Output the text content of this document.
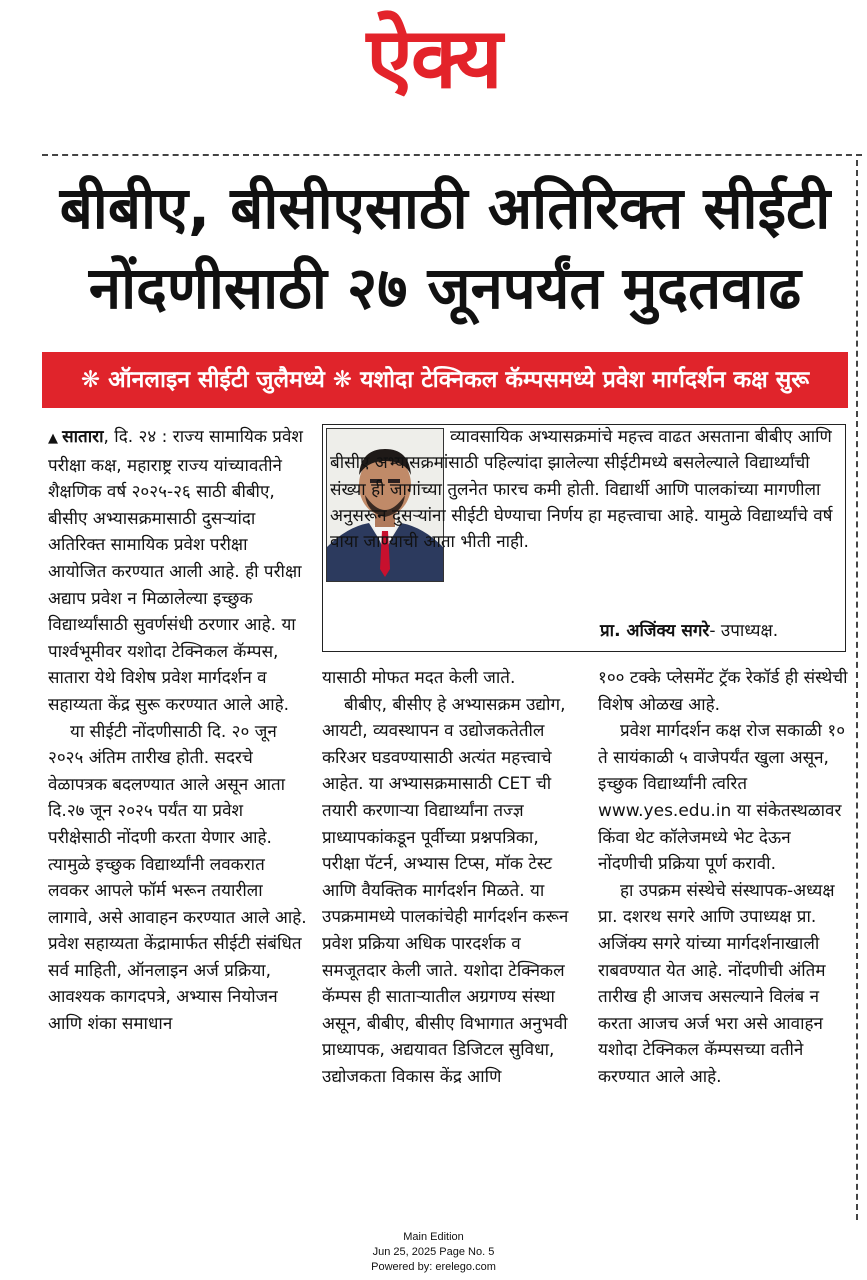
ऐक्य
बीबीए, बीसीएसाठी अतिरिक्त सीईटी
नोंदणीसाठी २७ जूनपर्यंत मुदतवाढ
❋ ऑनलाइन सीईटी जुलैमध्ये ❋ यशोदा टेक्निकल कॅम्पसमध्ये प्रवेश मार्गदर्शन कक्ष सुरू

▲ सातारा, दि. २४ : राज्य सामायिक प्रवेश परीक्षा कक्ष, महाराष्ट्र राज्य यांच्यावतीने शैक्षणिक वर्ष २०२५-२६ साठी बीबीए, बीसीए अभ्यासक्रमासाठी दुसऱ्यांदा अतिरिक्त सामायिक प्रवेश परीक्षा आयोजित करण्यात आली आहे. ही परीक्षा अद्याप प्रवेश न मिळालेल्या इच्छुक विद्यार्थ्यांसाठी सुवर्णसंधी ठरणार आहे. या पार्श्वभूमीवर यशोदा टेक्निकल कॅम्पस, सातारा येथे विशेष प्रवेश मार्गदर्शन व सहाय्यता केंद्र सुरू करण्यात आले आहे.

या सीईटी नोंदणीसाठी दि. २० जून २०२५ अंतिम तारीख होती. सदरचे वेळापत्रक बदलण्यात आले असून आता दि.२७ जून २०२५ पर्यंत या प्रवेश परीक्षेसाठी नोंदणी करता येणार आहे. त्यामुळे इच्छुक विद्यार्थ्यांनी लवकरात लवकर आपले फॉर्म भरून तयारीला लागावे, असे आवाहन करण्यात आले आहे. प्रवेश सहाय्यता केंद्रामार्फत सीईटी संबंधित सर्व माहिती, ऑनलाइन अर्ज प्रक्रिया, आवश्यक कागदपत्रे, अभ्यास नियोजन आणि शंका समाधान

व्यावसायिक अभ्यासक्रमांचे महत्त्व वाढत असताना बीबीए आणि बीसीए अभ्यासक्रमांसाठी पहिल्यांदा झालेल्या सीईटीमध्ये बसलेल्याले विद्यार्थ्यांची संख्या ही जागांच्या तुलनेत फारच कमी होती. विद्यार्थी आणि पालकांच्या मागणीला अनुसरून दुसऱ्यांना सीईटी घेण्याचा निर्णय हा महत्त्वाचा आहे. यामुळे विद्यार्थ्यांचे वर्ष वाया जाण्याची आता भीती नाही.
प्रा. अजिंक्य सगरे- उपाध्यक्ष.

यासाठी मोफत मदत केली जाते.

बीबीए, बीसीए हे अभ्यासक्रम उद्योग, आयटी, व्यवस्थापन व उद्योजकतेतील करिअर घडवण्यासाठी अत्यंत महत्त्वाचे आहेत. या अभ्यासक्रमासाठी CET ची तयारी करणाऱ्या विद्यार्थ्यांना तज्ज्ञ प्राध्यापकांकडून पूर्वीच्या प्रश्नपत्रिका, परीक्षा पॅटर्न, अभ्यास टिप्स, मॉक टेस्ट आणि वैयक्तिक मार्गदर्शन मिळते. या उपक्रमामध्ये पालकांचेही मार्गदर्शन करून प्रवेश प्रक्रिया अधिक पारदर्शक व समजूतदार केली जाते. यशोदा टेक्निकल कॅम्पस ही साताऱ्यातील अग्रगण्य संस्था असून, बीबीए, बीसीए विभागात अनुभवी प्राध्यापक, अद्ययावत डिजिटल सुविधा, उद्योजकता विकास केंद्र आणि

१०० टक्के प्लेसमेंट ट्रॅक रेकॉर्ड ही संस्थेची विशेष ओळख आहे.

प्रवेश मार्गदर्शन कक्ष रोज सकाळी १० ते सायंकाळी ५ वाजेपर्यंत खुला असून, इच्छुक विद्यार्थ्यांनी त्वरित www.yes.edu.in या संकेतस्थळावर किंवा थेट कॉलेजमध्ये भेट देऊन नोंदणीची प्रक्रिया पूर्ण करावी.

हा उपक्रम संस्थेचे संस्थापक-अध्यक्ष प्रा. दशरथ सगरे आणि उपाध्यक्ष प्रा. अजिंक्य सगरे यांच्या मार्गदर्शनाखाली राबवण्यात येत आहे. नोंदणीची अंतिम तारीख ही आजच असल्याने विलंब न करता आजच अर्ज भरा असे आवाहन यशोदा टेक्निकल कॅम्पसच्या वतीने करण्यात आले आहे.

Main Edition
Jun 25, 2025 Page No. 5
Powered by: erelego.com
